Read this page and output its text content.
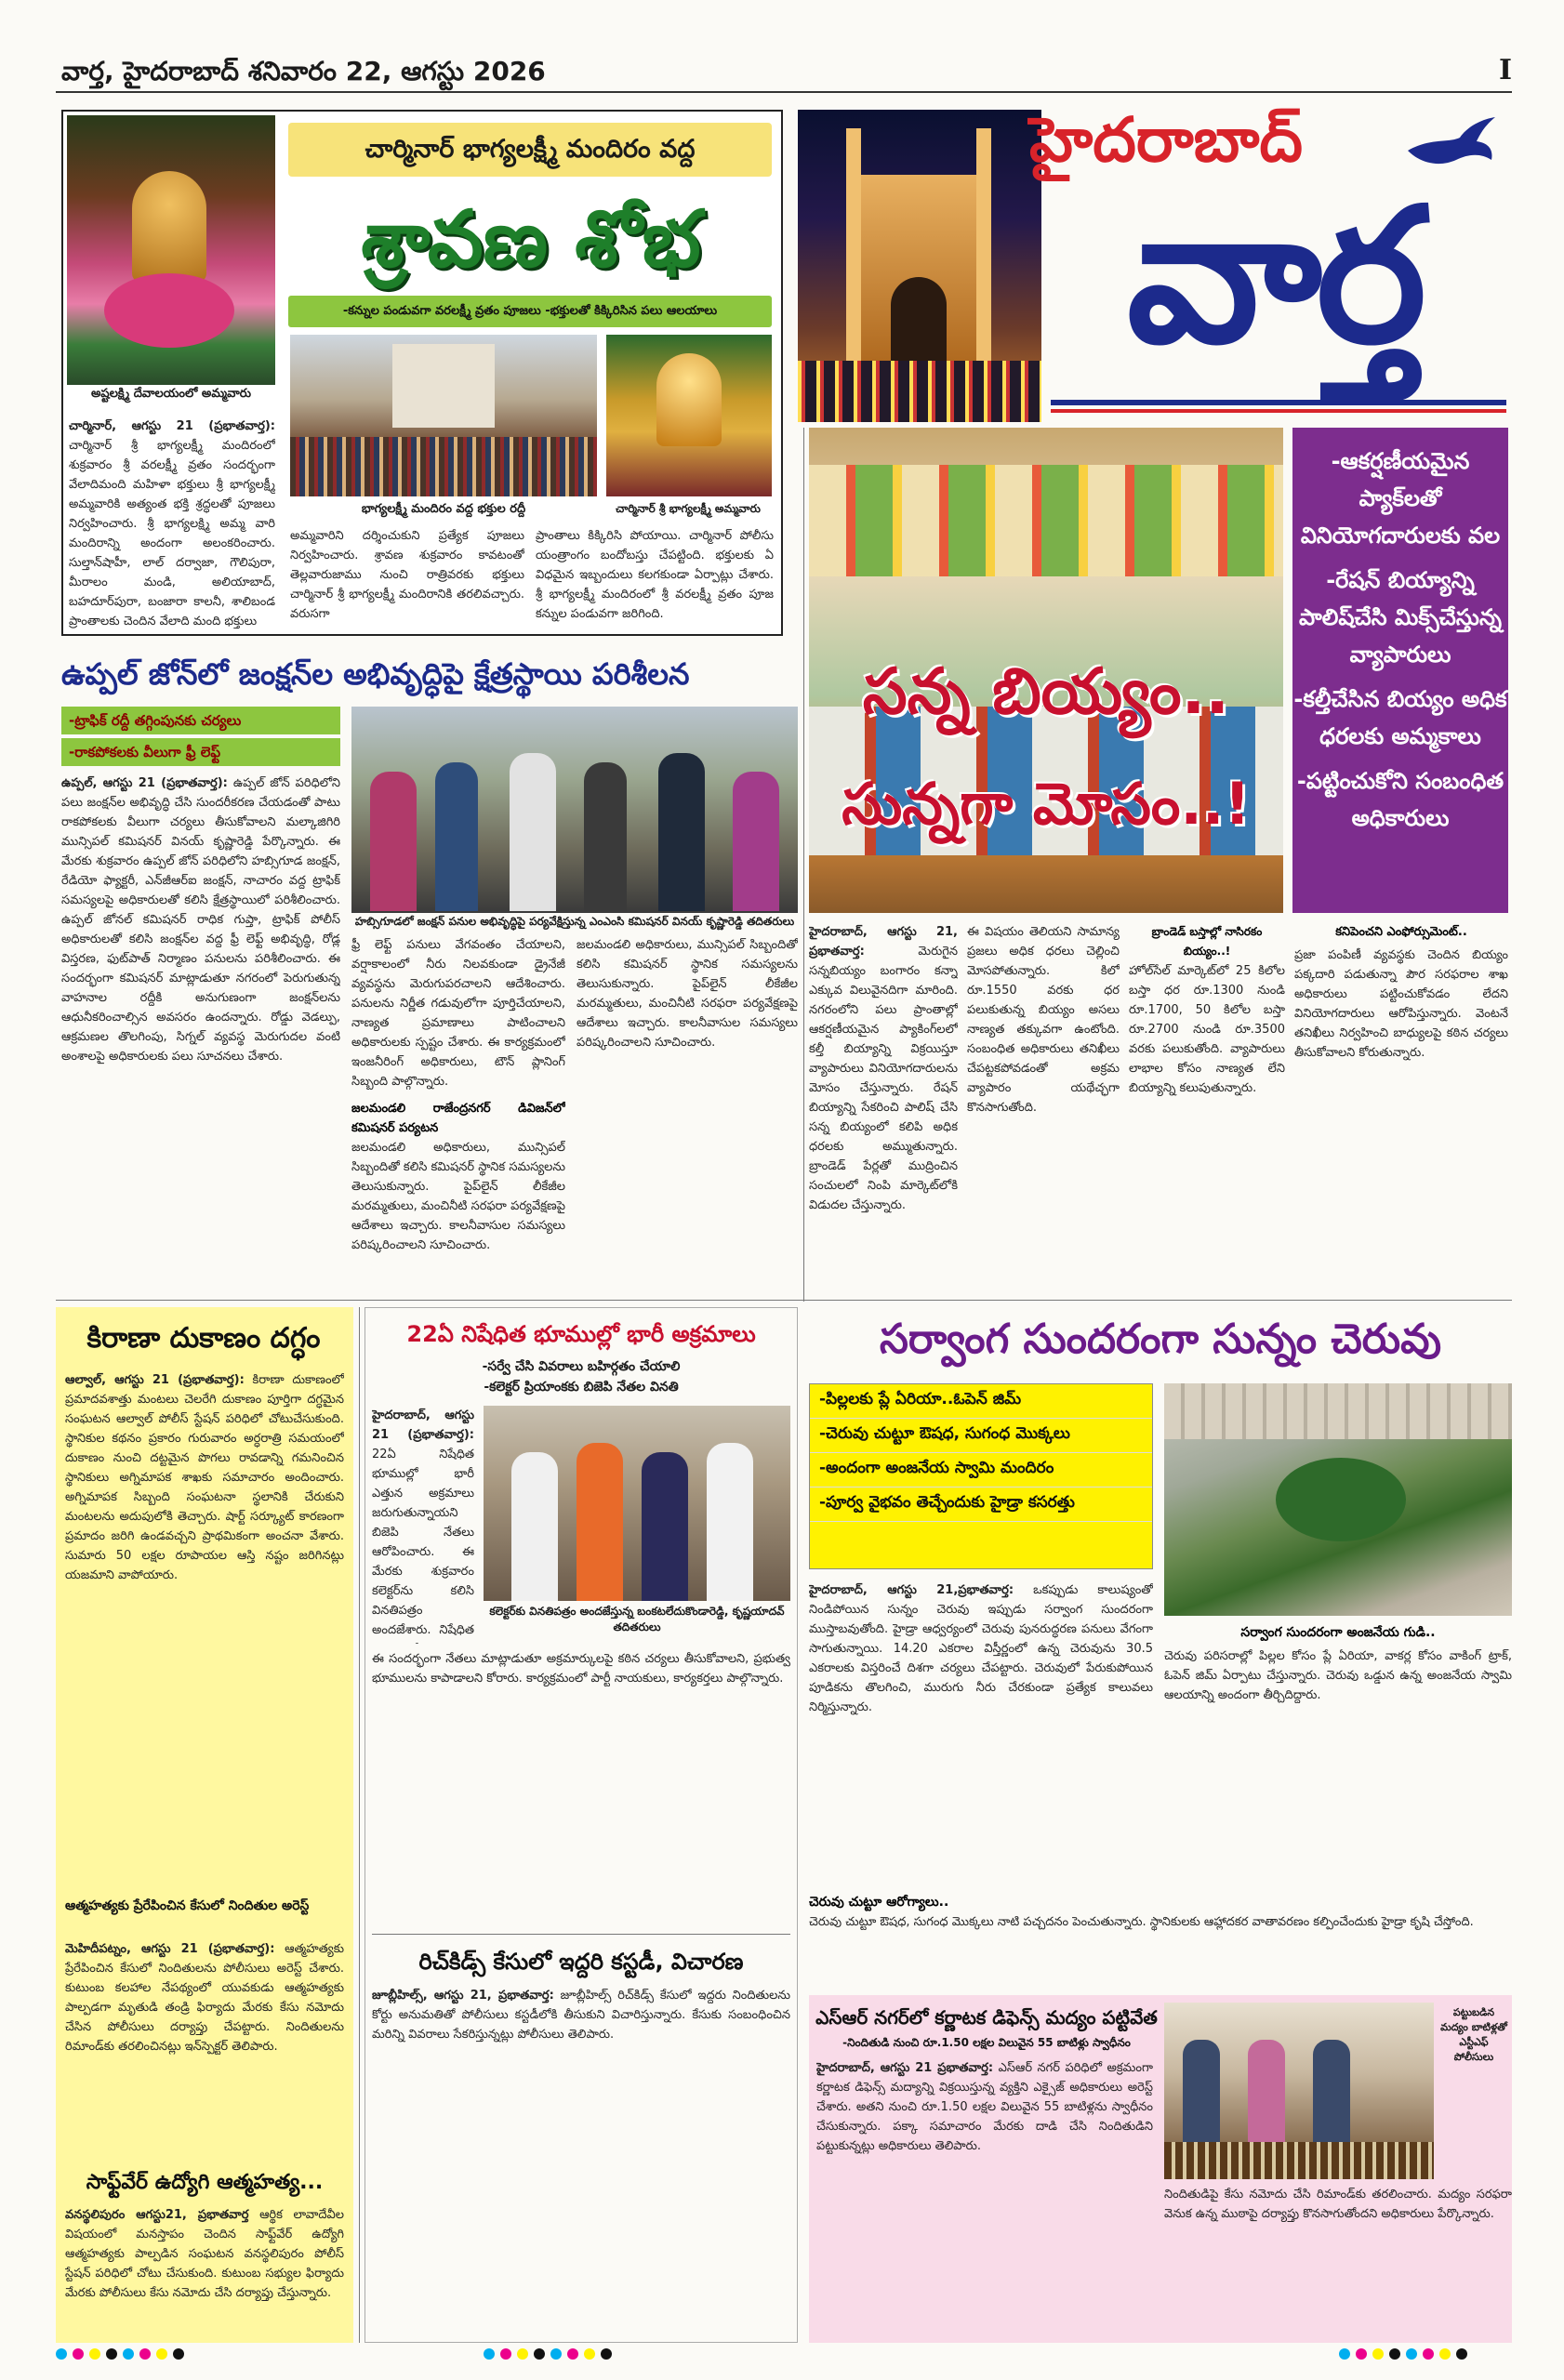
వార్త, హైదరాబాద్ శనివారం 22, ఆగస్టు 2026	I
అష్టలక్ష్మి దేవాలయంలో అమ్మవారు
చార్మినార్ భాగ్యలక్ష్మీ మందిరం వద్ద
శ్రావణ శోభ
-కన్నుల పండువగా వరలక్ష్మీ వ్రతం పూజలు -భక్తులతో కిక్కిరిసిన పలు ఆలయాలు
భాగ్యలక్ష్మీ మందిరం వద్ద భక్తుల రద్దీ	చార్మినార్ శ్రీ భాగ్యలక్ష్మీ అమ్మవారు
చార్మినార్, ఆగస్టు 21 (ప్రభాతవార్త): చార్మినార్ శ్రీ భాగ్యలక్ష్మీ మందిరంలో శుక్రవారం శ్రీ వరలక్ష్మీ వ్రతం సందర్భంగా వేలాదిమంది మహిళా భక్తులు శ్రీ భాగ్యలక్ష్మీ అమ్మవారికి అత్యంత భక్తి శ్రద్ధలతో పూజలు నిర్వహించారు. శ్రీ భాగ్యలక్ష్మి అమ్మ వారి మందిరాన్ని అందంగా అలంకరించారు. సుల్తాన్‌షాహీ, లాల్ దర్వాజా, గౌలిపురా, మీరాలం మండి, అలియాబాద్, బహదూర్‌పురా, బంజారా కాలనీ, శాలిబండ ప్రాంతాలకు చెందిన వేలాది మంది భక్తులు
అమ్మవారిని దర్శించుకుని ప్రత్యేక పూజలు నిర్వహించారు. శ్రావణ శుక్రవారం కావటంతో తెల్లవారుజాము నుంచి రాత్రివరకు భక్తులు చార్మినార్ శ్రీ భాగ్యలక్ష్మీ మందిరానికి తరలివచ్చారు. వరుసగా
ప్రాంతాలు కిక్కిరిసి పోయాయి. చార్మినార్ పోలీసు యంత్రాంగం బందోబస్తు చేపట్టింది. భక్తులకు ఏ విధమైన ఇబ్బందులు కలగకుండా ఏర్పాట్లు చేశారు. శ్రీ భాగ్యలక్ష్మీ మందిరంలో శ్రీ వరలక్ష్మీ వ్రతం పూజ కన్నుల పండువగా జరిగింది.
హైదరాబాద్
వార్త
ఉప్పల్ జోన్‌లో జంక్షన్‌ల అభివృద్ధిపై క్షేత్రస్థాయి పరిశీలన
-ట్రాఫిక్ రద్దీ తగ్గింపునకు చర్యలు
-రాకపోకలకు వీలుగా ఫ్రీ లెఫ్ట్
ఉప్పల్, ఆగస్టు 21 (ప్రభాతవార్త): ఉప్పల్ జోన్ పరిధిలోని పలు జంక్షన్‌ల అభివృద్ధి చేసి సుందరీకరణ చేయడంతో పాటు రాకపోకలకు వీలుగా చర్యలు తీసుకోవాలని మల్కాజిగిరి మున్సిపల్ కమిషనర్ వినయ్ కృష్ణారెడ్డి పేర్కొన్నారు. ఈ మేరకు శుక్రవారం ఉప్పల్ జోన్ పరిధిలోని హబ్సిగూడ జంక్షన్, రేడియో ఫ్యాక్టరీ, ఎన్‌జీఆర్‌ఐ జంక్షన్, నాచారం వద్ద ట్రాఫిక్ సమస్యలపై అధికారులతో కలిసి క్షేత్రస్థాయిలో పరిశీలించారు. ఉప్పల్ జోనల్ కమిషనర్ రాధిక గుప్తా, ట్రాఫిక్ పోలీస్ అధికారులతో కలిసి జంక్షన్‌ల వద్ద ఫ్రీ లెఫ్ట్ అభివృద్ధి, రోడ్ల విస్తరణ, ఫుట్‌పాత్ నిర్మాణం పనులను పరిశీలించారు. ఈ సందర్భంగా కమిషనర్ మాట్లాడుతూ నగరంలో పెరుగుతున్న వాహనాల రద్దీకి అనుగుణంగా జంక్షన్‌లను ఆధునీకరించాల్సిన అవసరం ఉందన్నారు. రోడ్డు వెడల్పు, ఆక్రమణల తొలగింపు, సిగ్నల్ వ్యవస్థ మెరుగుదల వంటి అంశాలపై అధికారులకు పలు సూచనలు చేశారు.
హబ్సిగూడలో జంక్షన్ పనుల అభివృద్ధిపై పర్యవేక్షిస్తున్న ఎంఎంసి కమిషనర్ వినయ్ కృష్ణారెడ్డి తదితరులు
ఫ్రీ లెఫ్ట్ పనులు వేగవంతం చేయాలని, వర్షాకాలంలో నీరు నిలవకుండా డ్రైనేజీ వ్యవస్థను మెరుగుపరచాలని ఆదేశించారు. పనులను నిర్ణీత గడువులోగా పూర్తిచేయాలని, నాణ్యత ప్రమాణాలు పాటించాలని అధికారులకు స్పష్టం చేశారు. ఈ కార్యక్రమంలో ఇంజనీరింగ్ అధికారులు, టౌన్ ప్లానింగ్ సిబ్బంది పాల్గొన్నారు.
జలమండలి రాజేంద్రనగర్ డివిజన్‌లో కమిషనర్ పర్యటన
జలమండలి అధికారులు, మున్సిపల్ సిబ్బందితో కలిసి కమిషనర్ స్థానిక సమస్యలను తెలుసుకున్నారు. పైప్‌లైన్ లీకేజీల మరమ్మతులు, మంచినీటి సరఫరా పర్యవేక్షణపై ఆదేశాలు ఇచ్చారు. కాలనీవాసుల సమస్యలు పరిష్కరించాలని సూచించారు.
జలమండలి అధికారులు, మున్సిపల్ సిబ్బందితో కలిసి కమిషనర్ స్థానిక సమస్యలను తెలుసుకున్నారు. పైప్‌లైన్ లీకేజీల మరమ్మతులు, మంచినీటి సరఫరా పర్యవేక్షణపై ఆదేశాలు ఇచ్చారు. కాలనీవాసుల సమస్యలు పరిష్కరించాలని సూచించారు.
సన్న బియ్యం..
సున్నగా మోసం..!
-ఆకర్షణీయమైన ప్యాక్‌లతో వినియోగదారులకు వల
-రేషన్ బియ్యాన్ని పాలిష్‌చేసి మిక్స్‌చేస్తున్న వ్యాపారులు
-కల్తీచేసిన బియ్యం అధిక ధరలకు అమ్మకాలు
-పట్టించుకోని సంబంధిత అధికారులు
హైదరాబాద్, ఆగస్టు 21, ప్రభాతవార్త:	మెరుగైన సన్నబియ్యం బంగారం కన్నా ఎక్కువ విలువైనదిగా మారింది. నగరంలోని పలు ప్రాంతాల్లో ఆకర్షణీయమైన ప్యాకింగ్‌లలో కల్తీ బియ్యాన్ని విక్రయిస్తూ వ్యాపారులు వినియోగదారులను మోసం చేస్తున్నారు. రేషన్ బియ్యాన్ని సేకరించి పాలిష్ చేసి సన్న బియ్యంలో కలిపి అధిక ధరలకు అమ్ముతున్నారు. బ్రాండెడ్ పేర్లతో ముద్రించిన సంచులలో నింపి మార్కెట్‌లోకి విడుదల చేస్తున్నారు.
ఈ విషయం తెలియని సామాన్య ప్రజలు అధిక ధరలు చెల్లించి మోసపోతున్నారు. కిలో రూ.1550 వరకు ధర పలుకుతున్న బియ్యం అసలు నాణ్యత తక్కువగా ఉంటోంది. సంబంధిత అధికారులు తనిఖీలు చేపట్టకపోవడంతో అక్రమ వ్యాపారం యథేచ్ఛగా కొనసాగుతోంది.
బ్రాండెడ్ బస్తాల్లో నాసిరకం బియ్యం..!
హోల్‌సేల్ మార్కెట్‌లో 25 కిలోల బస్తా ధర రూ.1300 నుండి రూ.1700, 50 కిలోల బస్తా రూ.2700 నుండి రూ.3500 వరకు పలుకుతోంది. వ్యాపారులు లాభాల కోసం నాణ్యత లేని బియ్యాన్ని కలుపుతున్నారు.
కనిపెంచని ఎంఫోర్సుమెంట్..
ప్రజా పంపిణీ వ్యవస్థకు చెందిన బియ్యం పక్కదారి పడుతున్నా పౌర సరఫరాల శాఖ అధికారులు పట్టించుకోవడం లేదని వినియోగదారులు ఆరోపిస్తున్నారు. వెంటనే తనిఖీలు నిర్వహించి బాధ్యులపై కఠిన చర్యలు తీసుకోవాలని కోరుతున్నారు.
కిరాణా దుకాణం దగ్ధం
ఆల్వాల్, ఆగస్టు 21 (ప్రభాతవార్త): కిరాణా దుకాణంలో ప్రమాదవశాత్తు మంటలు చెలరేగి దుకాణం పూర్తిగా దగ్ధమైన సంఘటన ఆల్వాల్ పోలీస్ స్టేషన్ పరిధిలో చోటుచేసుకుంది. స్థానికుల కథనం ప్రకారం గురువారం అర్ధరాత్రి సమయంలో దుకాణం నుంచి దట్టమైన పొగలు రావడాన్ని గమనించిన స్థానికులు అగ్నిమాపక శాఖకు సమాచారం అందించారు. అగ్నిమాపక సిబ్బంది సంఘటనా స్థలానికి చేరుకుని మంటలను అదుపులోకి తెచ్చారు. షార్ట్ సర్క్యూట్ కారణంగా ప్రమాదం జరిగి ఉండవచ్చని ప్రాథమికంగా అంచనా వేశారు. సుమారు 50 లక్షల రూపాయల ఆస్తి నష్టం జరిగినట్లు యజమాని వాపోయారు.
ఆత్మహత్యకు ప్రేరేపించిన కేసులో నిందితుల అరెస్ట్
మెహిదీపట్నం, ఆగస్టు 21 (ప్రభాతవార్త): ఆత్మహత్యకు ప్రేరేపించిన కేసులో నిందితులను పోలీసులు అరెస్ట్ చేశారు. కుటుంబ కలహాల నేపథ్యంలో యువకుడు ఆత్మహత్యకు పాల్పడగా మృతుడి తండ్రి ఫిర్యాదు మేరకు కేసు నమోదు చేసిన పోలీసులు దర్యాప్తు చేపట్టారు. నిందితులను రిమాండ్‌కు తరలించినట్లు ఇన్‌స్పెక్టర్ తెలిపారు.
సాఫ్ట్‌వేర్ ఉద్యోగి ఆత్మహత్య...
వనస్థలిపురం ఆగస్టు21, ప్రభాతవార్త ఆర్థిక లావాదేవీల విషయంలో మనస్తాపం చెందిన సాఫ్ట్‌వేర్ ఉద్యోగి ఆత్మహత్యకు పాల్పడిన సంఘటన వనస్థలిపురం పోలీస్ స్టేషన్ పరిధిలో చోటు చేసుకుంది. కుటుంబ సభ్యుల ఫిర్యాదు మేరకు పోలీసులు కేసు నమోదు చేసి దర్యాప్తు చేస్తున్నారు.
22ఏ నిషేధిత భూముల్లో భారీ అక్రమాలు
-సర్వే చేసి వివరాలు బహిర్గతం చేయాలి
-కలెక్టర్ ప్రియాంకకు బిజెపి నేతల వినతి
హైదరాబాద్, ఆగస్టు 21 (ప్రభాతవార్త): 22ఏ నిషేధిత భూముల్లో భారీ ఎత్తున అక్రమాలు జరుగుతున్నాయని బిజెపి నేతలు ఆరోపించారు. ఈ మేరకు శుక్రవారం కలెక్టర్‌ను కలిసి వినతిపత్రం అందజేశారు. నిషేధిత
కలెక్టర్‌కు వినతిపత్రం అందజేస్తున్న బంకటలేదుకొండారెడ్డి, కృష్ణయాదవ్ తదితరులు
ఈ సందర్భంగా నేతలు మాట్లాడుతూ అక్రమార్కులపై కఠిన చర్యలు తీసుకోవాలని, ప్రభుత్వ భూములను కాపాడాలని కోరారు. కార్యక్రమంలో పార్టీ నాయకులు, కార్యకర్తలు పాల్గొన్నారు.
రిచ్‌కిడ్స్ కేసులో ఇద్దరి కస్టడీ, విచారణ
జూబ్లీహిల్స్, ఆగస్టు 21, ప్రభాతవార్త: జూబ్లీహిల్స్ రిచ్‌కిడ్స్ కేసులో ఇద్దరు నిందితులను కోర్టు అనుమతితో పోలీసులు కస్టడీలోకి తీసుకుని విచారిస్తున్నారు. కేసుకు సంబంధించిన మరిన్ని వివరాలు సేకరిస్తున్నట్లు పోలీసులు తెలిపారు.
సర్వాంగ సుందరంగా సున్నం చెరువు
-పిల్లలకు ప్లే ఏరియా..ఓపెన్ జిమ్
-చెరువు చుట్టూ ఔషధ, సుగంధ మొక్కలు
-అందంగా అంజనేయ స్వామి మందిరం
-పూర్వ వైభవం తెచ్చేందుకు హైడ్రా కసరత్తు
హైదరాబాద్, ఆగస్టు 21,ప్రభాతవార్త: ఒకప్పుడు కాలుష్యంతో నిండిపోయిన సున్నం చెరువు ఇప్పుడు సర్వాంగ సుందరంగా ముస్తాబవుతోంది. హైడ్రా ఆధ్వర్యంలో చెరువు పునరుద్ధరణ పనులు వేగంగా సాగుతున్నాయి. 14.20 ఎకరాల విస్తీర్ణంలో ఉన్న చెరువును 30.5 ఎకరాలకు విస్తరించే దిశగా చర్యలు చేపట్టారు. చెరువులో పేరుకుపోయిన పూడికను తొలగించి, మురుగు నీరు చేరకుండా ప్రత్యేక కాలువలు నిర్మిస్తున్నారు.
సర్వాంగ సుందరంగా అంజనేయ గుడి..
చెరువు పరిసరాల్లో పిల్లల కోసం ప్లే ఏరియా, వాకర్ల కోసం వాకింగ్ ట్రాక్, ఓపెన్ జిమ్ ఏర్పాటు చేస్తున్నారు. చెరువు ఒడ్డున ఉన్న అంజనేయ స్వామి ఆలయాన్ని అందంగా తీర్చిదిద్దారు.
చెరువు చుట్టూ ఆరోగ్యాలు..
చెరువు చుట్టూ ఔషధ, సుగంధ మొక్కలు నాటి పచ్చదనం పెంచుతున్నారు. స్థానికులకు ఆహ్లాదకర వాతావరణం కల్పించేందుకు హైడ్రా కృషి చేస్తోంది.
ఎస్ఆర్ నగర్‌లో కర్ణాటక డిఫెన్స్ మద్యం పట్టివేత
-నిందితుడి నుంచి రూ.1.50 లక్షల విలువైన 55 బాటిళ్లు స్వాధీనం
హైదరాబాద్, ఆగస్టు 21 ప్రభాతవార్త: ఎస్ఆర్ నగర్ పరిధిలో అక్రమంగా కర్ణాటక డిఫెన్స్ మద్యాన్ని విక్రయిస్తున్న వ్యక్తిని ఎక్సైజ్ అధికారులు అరెస్ట్ చేశారు. అతని నుంచి రూ.1.50 లక్షల విలువైన 55 బాటిళ్లను స్వాధీనం చేసుకున్నారు. పక్కా సమాచారం మేరకు దాడి చేసి నిందితుడిని పట్టుకున్నట్లు అధికారులు తెలిపారు.
పట్టుబడిన మద్యం బాటిళ్లతో ఎస్టీఎఫ్ పోలీసులు
నిందితుడిపై కేసు నమోదు చేసి రిమాండ్‌కు తరలించారు. మద్యం సరఫరా వెనుక ఉన్న ముఠాపై దర్యాప్తు కొనసాగుతోందని అధికారులు పేర్కొన్నారు.
